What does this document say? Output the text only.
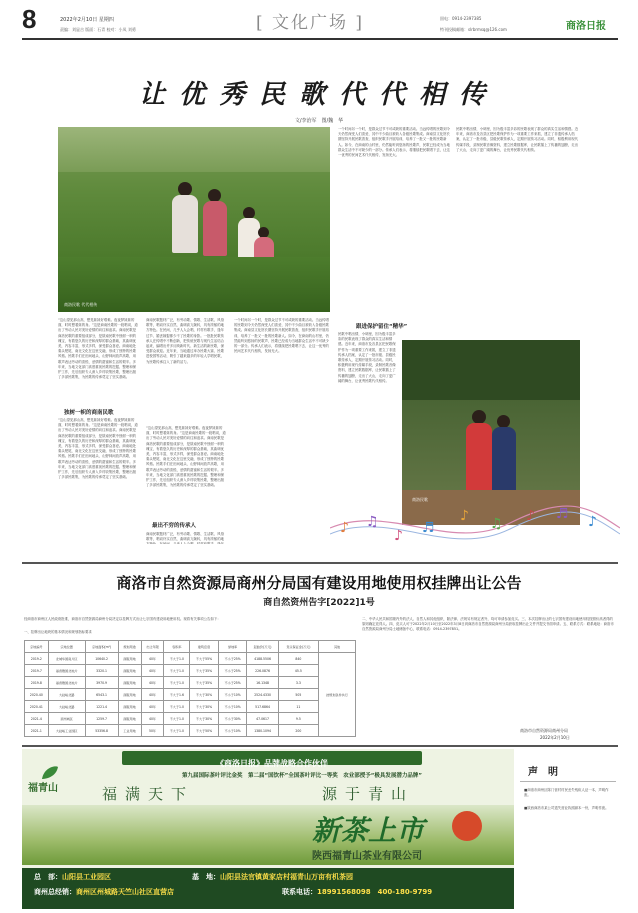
8	2022年2月10日 星期四
责编：刘显吉 版面：石青 校对：小凤 刘勇	[ 文化广场 ]	固电：0914-2397385
特刊投稿邮箱：slrbrmsq@126.com	商洛日报
让优秀民歌代代相传
文/李治军　图/魏　华
商洛民歌 代代相传
“这山望见那山高，想见妹妹好艰难。夜夜梦妹妹的面，时时想着妹的身。”这是商南民歌的一段唱词，道出了劳动人民对美好爱情的向往和追求。商南民歌是商洛民歌的重要组成部分，是陕南民歌中独树一帜的瑰宝，有着悠久的历史和深厚的群众基础，其曲调优美，内容丰富，形式多样，深受群众喜爱。商南地处秦头楚尾，南北文化在这里交融，形成了独特的民歌风格。民歌手们在田间地头、山野林间放声高歌，用歌声表达劳动的喜悦、爱情的甜蜜和生活的艰辛。多年来，当地文化部门高度重视民歌的挖掘、整理和保护工作，先后组织专人深入乡村收集民歌，整理出版了多部民歌集，为民歌的传承奠定了坚实基础。
独树一帜的商南民歌
“这山望见那山高，想见妹妹好艰难。夜夜梦妹妹的面，时时想着妹的身。”这是商南民歌的一段唱词，道出了劳动人民对美好爱情的向往和追求。商南民歌是商洛民歌的重要组成部分，是陕南民歌中独树一帜的瑰宝，有着悠久的历史和深厚的群众基础，其曲调优美，内容丰富，形式多样，深受群众喜爱。商南地处秦头楚尾，南北文化在这里交融，形成了独特的民歌风格。民歌手们在田间地头、山野林间放声高歌，用歌声表达劳动的喜悦、爱情的甜蜜和生活的艰辛。多年来，当地文化部门高度重视民歌的挖掘、整理和保护工作，先后组织专人深入乡村收集民歌，整理出版了多部民歌集，为民歌的传承奠定了坚实基础。
商南民歌题材广泛，有劳动歌、情歌、生活歌、风俗歌等，唱词朴实自然，曲调高亢婉转，具有浓郁的地方特色。在民间，几乎人人会唱，村村有歌手，逢年过节、婚丧嫁娶都少不了民歌的身影。一批批民歌传承人在传唱中不断创新，把传统民歌与现代生活结合起来，编唱出许多反映新时代、新生活的新民歌，深受群众欢迎。近年来，当地通过举办民歌大赛、民歌进校园等活动，吸引了越来越多的年轻人学唱民歌，为民歌传承注入了新的活力。
“这山望见那山高，想见妹妹好艰难。夜夜梦妹妹的面，时时想着妹的身。”这是商南民歌的一段唱词，道出了劳动人民对美好爱情的向往和追求。商南民歌是商洛民歌的重要组成部分，是陕南民歌中独树一帜的瑰宝，有着悠久的历史和深厚的群众基础，其曲调优美，内容丰富，形式多样，深受群众喜爱。商南地处秦头楚尾，南北文化在这里交融，形成了独特的民歌风格。民歌手们在田间地头、山野林间放声高歌，用歌声表达劳动的喜悦、爱情的甜蜜和生活的艰辛。多年来，当地文化部门高度重视民歌的挖掘、整理和保护工作，先后组织专人深入乡村收集民歌，整理出版了多部民歌集，为民歌的传承奠定了坚实基础。
最出不穷的传承人
商南民歌题材广泛，有劳动歌、情歌、生活歌、风俗歌等，唱词朴实自然，曲调高亢婉转，具有浓郁的地
一个时间另一个时，是群众过节不可或缺的重要活动。当远传唱的民歌到今天仍然深受人们喜爱，其中不少曲目被收入各级民歌集成。商南县文化馆长期坚持开展民歌普查，组织民歌手开展培训，培养了一批又一批的民歌新人。如今，在商南的山村里，仍然能听到悠扬的民歌声，民歌已经成为当地群众生活中不可缺少的一部分。传承人们表示，将继续把民歌唱下去，让这一优秀的民间艺术代代相传，发扬光大。
一个时间另一个时，是群众过节不可或缺的重要活动。当远传唱的民歌到今天仍然深受人们喜爱，其中不少曲目被收入各级民歌集成。商南县文化馆长期坚持开展民歌普查，组织民歌手开展培训，培养了一批又一批的民歌新人。如今，在商南的山村里，仍然能听到悠扬的民歌声，民歌已经成为当地群众生活中不可缺少的一部分。传承人们表示，将继续把民歌唱下去，让这一优秀的民间艺术代代相传，发扬光大。
民歌中唱出情，小调里，因为极丰富多彩的民歌表现了群众的真实生活和情感。近年来，商洛市及各县区把民歌保护作为一项重要工作来抓，建立了非遗传承人档案，认定了一批市级、县级民歌传承人，定期开展传习活动。同时，积极利用现代传媒手段，录制民歌音像资料，建立民歌数据库，让民歌插上了传播的翅膀，走出了大山，走向了更广阔的舞台，让优秀民歌代代相传。
跟进保护留住“精华”
民歌中唱出情，小调里，因为极丰富多彩的民歌表现了群众的真实生活和情感。近年来，商洛市及各县区把民歌保护作为一项重要工作来抓，建立了非遗传承人档案，认定了一批市级、县级民歌传承人，定期开展传习活动。同时，积极利用现代传媒手段，录制民歌音像资料，建立民歌数据库，让民歌插上了传播的翅膀，走出了大山，走向了更广阔的舞台，让优秀民歌代代相传。
商洛民歌
♪ ♫
♪ ♬
♪ ♫ ♪ ♬ ♪
商洛市自然资源局商州分局国有建设用地使用权挂牌出让公告
商自然资州告字[2022]1号
经商洛市商州区人民政府批准，商洛市自然资源局商州分局决定以挂牌方式出让七宗国有建设用地使用权。现将有关事项公告如下：
一、挂牌出让地块的基本情况和规划指标要求
宗地编号	宗地位置	宗地面积(m²)	规划用途	出让年限	容积率	建筑密度	绿地率	起始价(万元)	竞买保证金(万元)	其他
2019-2	北城华园南片区	10640.2	商服用地	40年	不大于1.0	不大于55%	不小于25%	4188.5506	840	按规划条件执行
2019-7	丽香雅园北地片	3320.1	商服用地	40年	不大于1.0	不大于35%	不小于25%	226.0876	45.5	
2019-8	丽香雅园北地片	3970.9	商服用地	40年	不大于1.0	不大于35%	不小于25%	16.1348	3.3	
2020-40	大赵峪北路	6543.1	商服用地	40年	不大于1.6	不大于30%	不小于10%	2524.4330	505	
2020-41	大赵峪北路	1221.4	商服用地	40年	不大于1.0	不大于30%	不小于10%	517.6864	11	
2021-4	商州城区	1259.7	商服用地	40年	不大于1.0	不大于30%	不小于30%	47.0617	9.5	
2021-1	大赵峪工业园区	53356.8	工业用地	50年	不大于1.0	不大于50%	不小于10%	1380.1094	200	
二、中华人民共和国境内外的法人、自然人和其他组织，除法律、法规另有规定者外，均可申请参加竞买。三、本次挂牌出让的七宗国有建设用地使用权按照价高者得的原则确定竞得人。四、竞买人可于2022年2月10日至2022年3月8日到商洛市自然资源局商州分局获取挂牌出让文件并提交书面申请。五、联系方式：联系地址：商洛市自然资源局商州分局土地储备中心，联系电话：0914-2397851。
商洛市自然资源局商州分局
2022年2月10日
《商洛日报》品牌战略合作伙伴
福青山
第九届国际茶叶评比金奖　第二届“国饮杯”全国茶叶评比一等奖　农业部授予“极具发展潜力品牌”
福满天下	源于青山
新茶上市
陕西福青山茶业有限公司
总　部：山阳县工业园区	基　地：山阳县法官镇黄家店村福青山万亩有机茶园
商州总经销：商州区州城路天竺山社区直营店	联系电话：18991568098　400-180-9799
声　明
■商洛市商州区陈门营村村民丢失残疾人证一本，声明作废。
■陕西商洛市某公司遗失营业执照副本一份，声明作废。
